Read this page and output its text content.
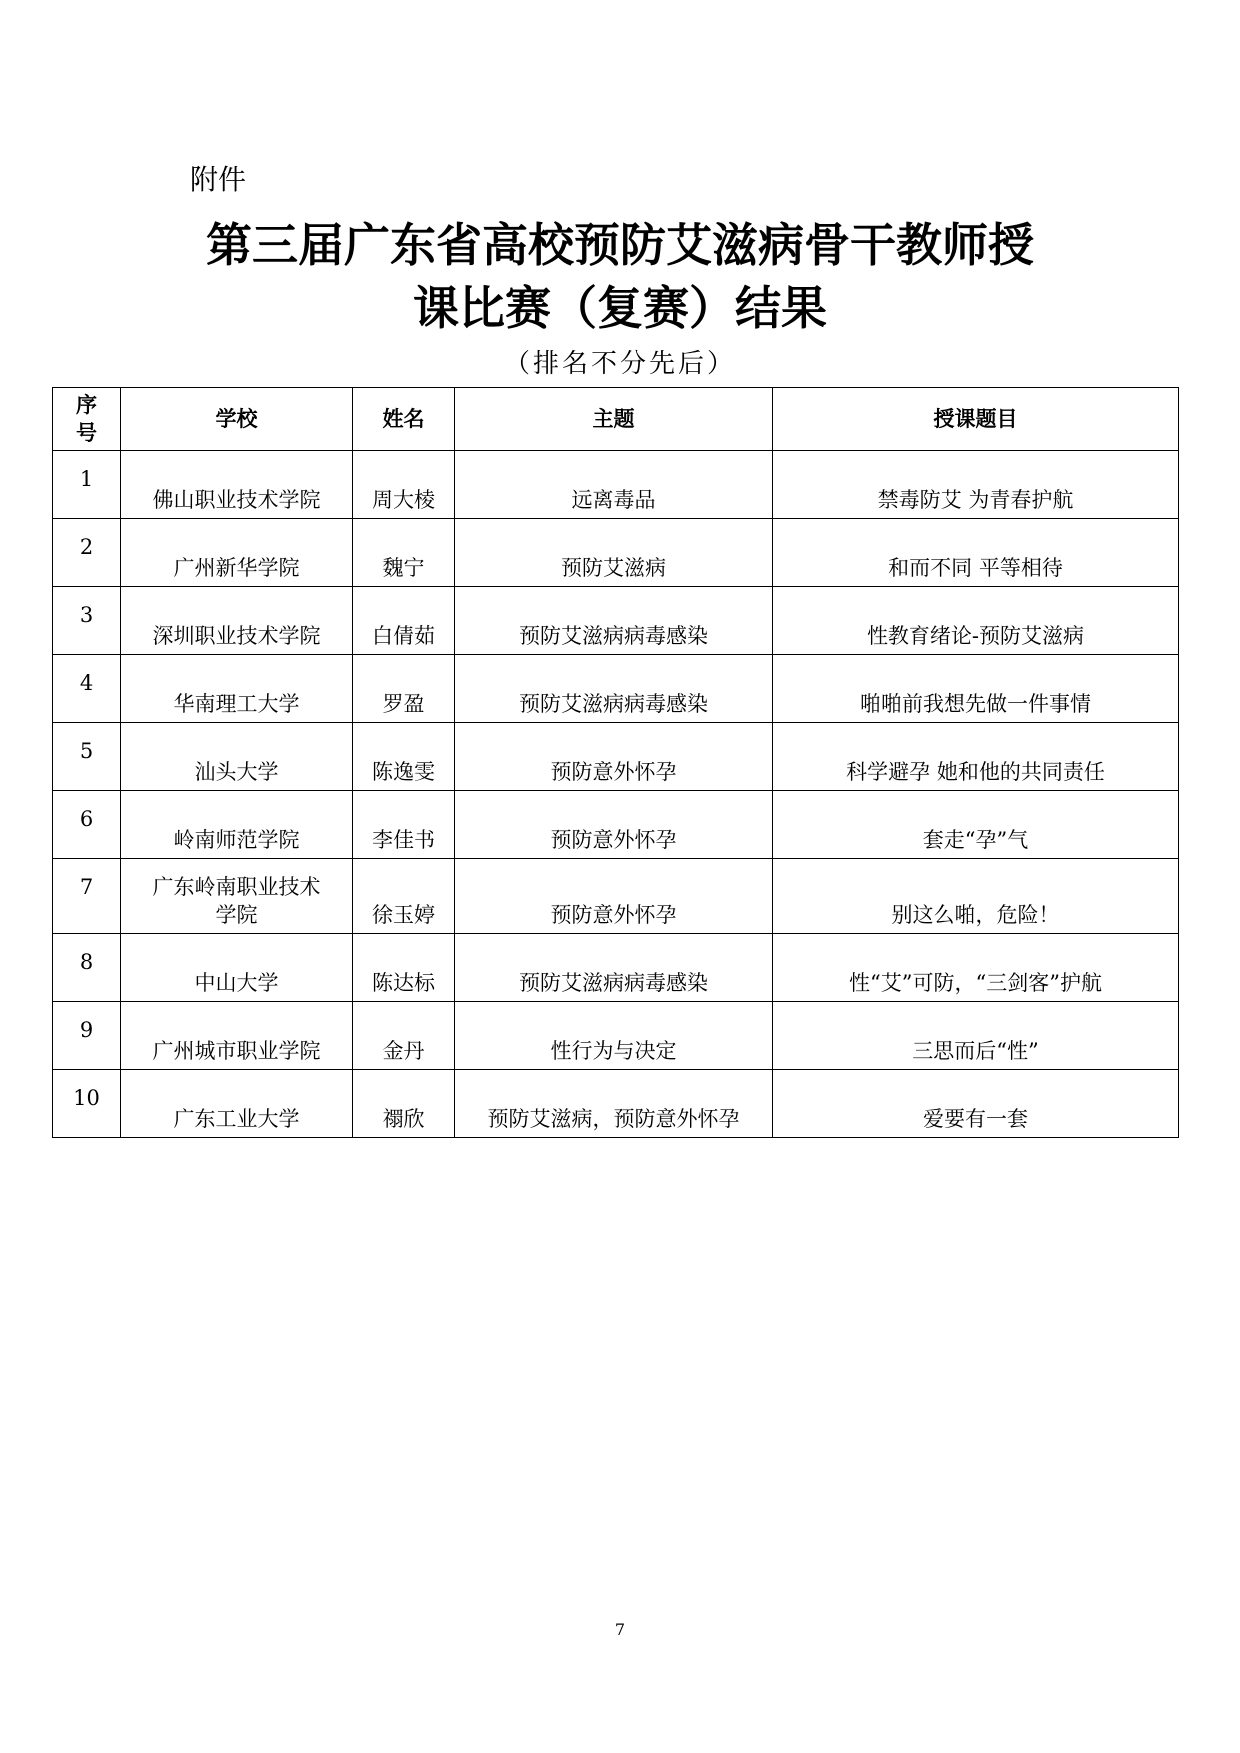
附件
第三届广东省高校预防艾滋病骨干教师授
课比赛（复赛）结果
（排名不分先后）
序
号	学校	姓名	主题	授课题目
1	佛山职业技术学院	周大棱	远离毒品	禁毒防艾 为青春护航
2	广州新华学院	魏宁	预防艾滋病	和而不同 平等相待
3	深圳职业技术学院	白倩茹	预防艾滋病病毒感染	性教育绪论-预防艾滋病
4	华南理工大学	罗盈	预防艾滋病病毒感染	啪啪前我想先做一件事情
5	汕头大学	陈逸雯	预防意外怀孕	科学避孕 她和他的共同责任
6	岭南师范学院	李佳书	预防意外怀孕	套走“孕”气
7	广东岭南职业技术
学院	徐玉婷	预防意外怀孕	别这么啪，危险！
8	中山大学	陈达标	预防艾滋病病毒感染	性“艾”可防，“三剑客”护航
9	广州城市职业学院	金丹	性行为与决定	三思而后“性”
10	广东工业大学	禤欣	预防艾滋病，预防意外怀孕	爱要有一套
7
